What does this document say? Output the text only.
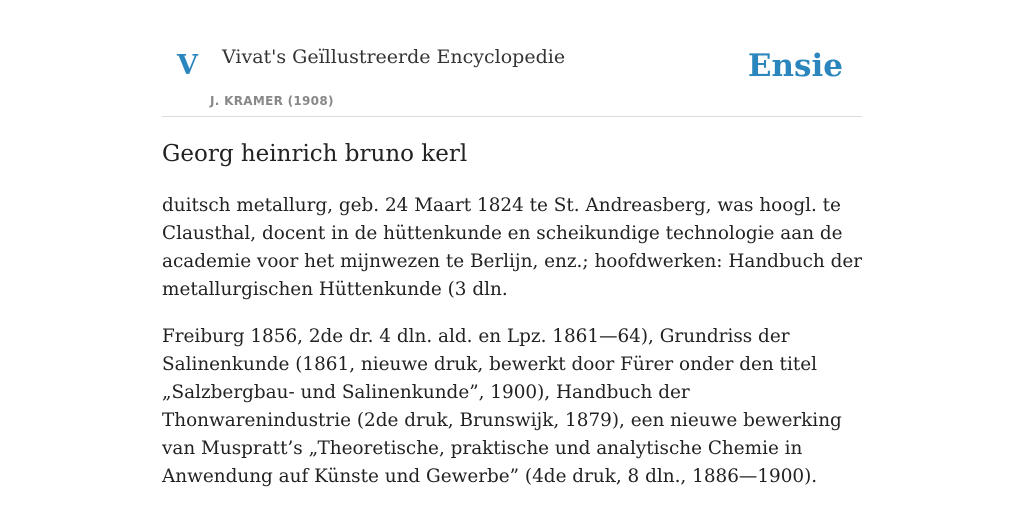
V Vivat's Geïllustreerde Encyclopedie
J. KRAMER (1908)
Ensie
Georg heinrich bruno kerl

duitsch metallurg, geb. 24 Maart 1824 te St. Andreasberg, was hoogl. te Clausthal, docent in de hüttenkunde en scheikundige technologie aan de academie voor het mijnwezen te Berlijn, enz.; hoofdwerken: Handbuch der metallurgischen Hüttenkunde (3 dln.

Freiburg 1856, 2de dr. 4 dln. ald. en Lpz. 1861—64), Grundriss der Salinenkunde (1861, nieuwe druk, bewerkt door Fürer onder den titel „Salzbergbau- und Salinenkunde”, 1900), Handbuch der Thonwarenindustrie (2de druk, Brunswijk, 1879), een nieuwe bewerking van Muspratt’s „Theoretische, praktische und analytische Chemie in Anwendung auf Künste und Gewerbe” (4de druk, 8 dln., 1886—1900).
